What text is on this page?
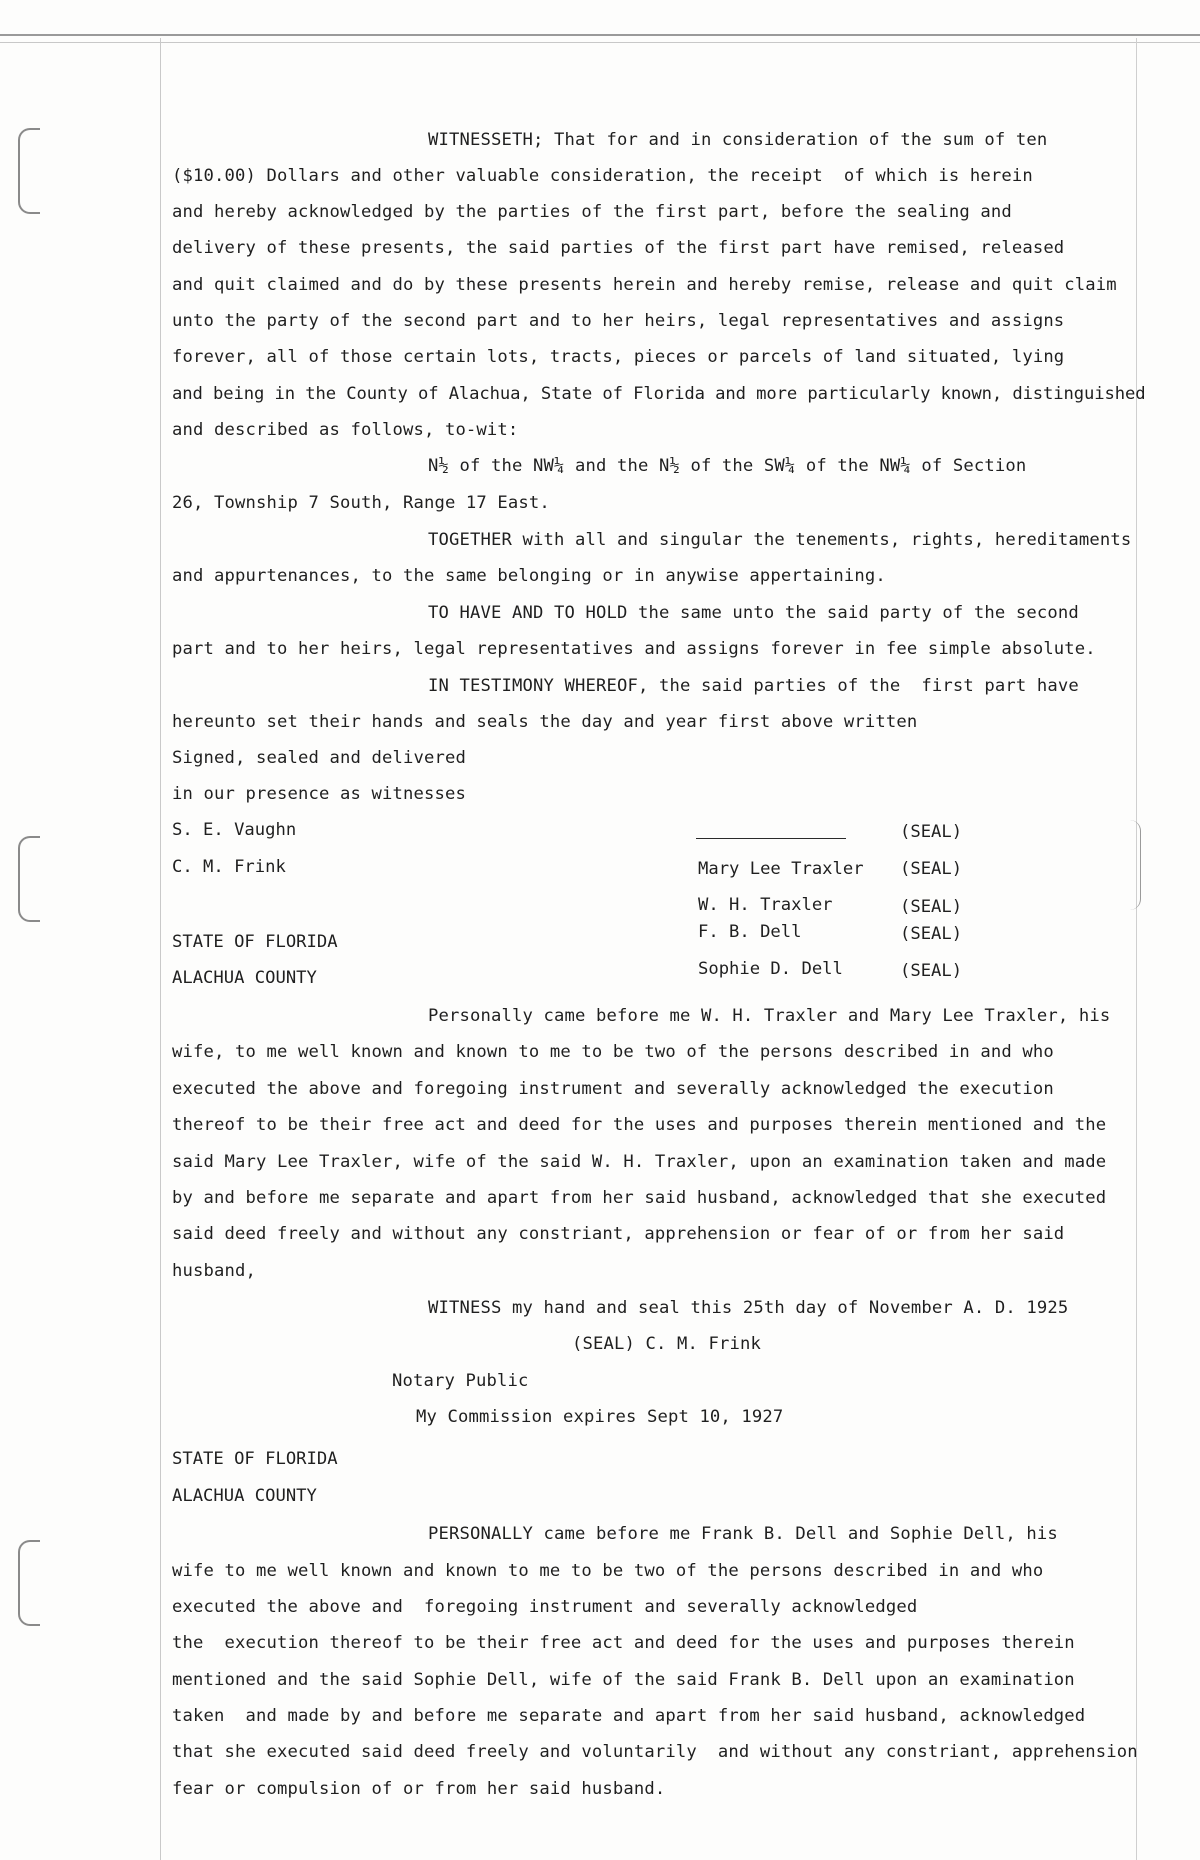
WITNESSETH; That for and in consideration of the sum of ten
($10.00) Dollars and other valuable consideration, the receipt  of which is herein
and hereby acknowledged by the parties of the first part, before the sealing and
delivery of these presents, the said parties of the first part have remised, released
and quit claimed and do by these presents herein and hereby remise, release and quit claim
unto the party of the second part and to her heirs, legal representatives and assigns
forever, all of those certain lots, tracts, pieces or parcels of land situated, lying
and being in the County of Alachua, State of Florida and more particularly known, distinguished
and described as follows, to-wit:
N½ of the NW¼ and the N½ of the SW¼ of the NW¼ of Section
26, Township 7 South, Range 17 East.
TOGETHER with all and singular the tenements, rights, hereditaments
and appurtenances, to the same belonging or in anywise appertaining.
TO HAVE AND TO HOLD the same unto the said party of the second
part and to her heirs, legal representatives and assigns forever in fee simple absolute.
IN TESTIMONY WHEREOF, the said parties of the  first part have
hereunto set their hands and seals the day and year first above written
Signed, sealed and delivered
in our presence as witnesses
S. E. Vaughn
C. M. Frink
(SEAL)
Mary Lee Traxler (SEAL)
W. H. Traxler	(SEAL)
F. B. Dell	(SEAL)
Sophie D. Dell	(SEAL)
STATE OF FLORIDA
ALACHUA COUNTY
Personally came before me W. H. Traxler and Mary Lee Traxler, his
wife, to me well known and known to me to be two of the persons described in and who
executed the above and foregoing instrument and severally acknowledged the execution
thereof to be their free act and deed for the uses and purposes therein mentioned and the
said Mary Lee Traxler, wife of the said W. H. Traxler, upon an examination taken and made
by and before me separate and apart from her said husband, acknowledged that she executed
said deed freely and without any constriant, apprehension or fear of or from her said
husband,
WITNESS my hand and seal this 25th day of November A. D. 1925
(SEAL) C. M. Frink
Notary Public
My Commission expires Sept 10, 1927
STATE OF FLORIDA
ALACHUA COUNTY
PERSONALLY came before me Frank B. Dell and Sophie Dell, his
wife to me well known and known to me to be two of the persons described in and who
executed the above and  foregoing instrument and severally acknowledged
the  execution thereof to be their free act and deed for the uses and purposes therein
mentioned and the said Sophie Dell, wife of the said Frank B. Dell upon an examination
taken  and made by and before me separate and apart from her said husband, acknowledged
that she executed said deed freely and voluntarily  and without any constriant, apprehension
fear or compulsion of or from her said husband.
